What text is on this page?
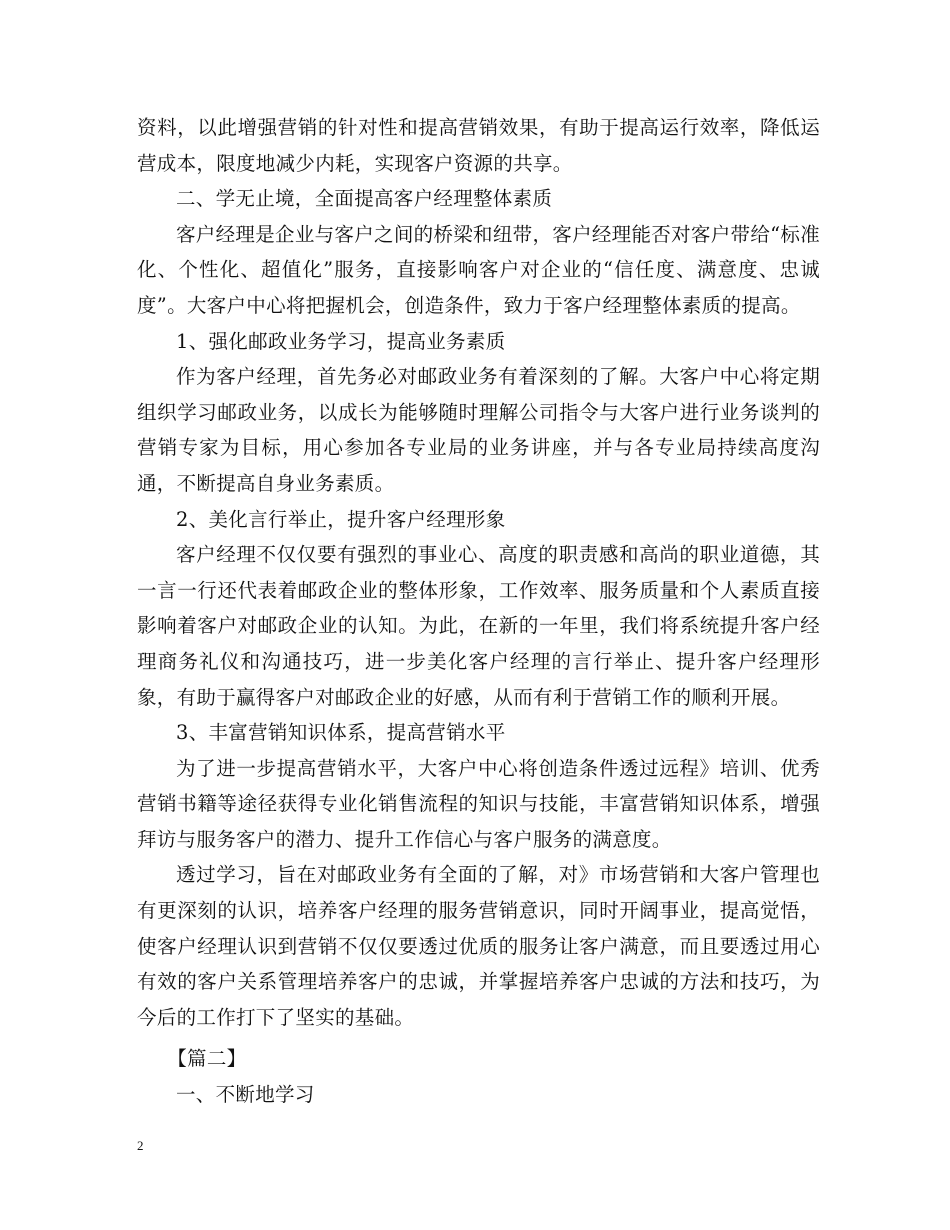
资料，以此增强营销的针对性和提高营销效果，有助于提高运行效率，降低运营成本，限度地减少内耗，实现客户资源的共享。

二、学无止境，全面提高客户经理整体素质

客户经理是企业与客户之间的桥梁和纽带，客户经理能否对客户带给“标准化、个性化、超值化”服务，直接影响客户对企业的“信任度、满意度、忠诚度”。大客户中心将把握机会，创造条件，致力于客户经理整体素质的提高。

1、强化邮政业务学习，提高业务素质

作为客户经理，首先务必对邮政业务有着深刻的了解。大客户中心将定期组织学习邮政业务，以成长为能够随时理解公司指令与大客户进行业务谈判的营销专家为目标，用心参加各专业局的业务讲座，并与各专业局持续高度沟通，不断提高自身业务素质。

2、美化言行举止，提升客户经理形象

客户经理不仅仅要有强烈的事业心、高度的职责感和高尚的职业道德，其一言一行还代表着邮政企业的整体形象，工作效率、服务质量和个人素质直接影响着客户对邮政企业的认知。为此，在新的一年里，我们将系统提升客户经理商务礼仪和沟通技巧，进一步美化客户经理的言行举止、提升客户经理形象，有助于赢得客户对邮政企业的好感，从而有利于营销工作的顺利开展。

3、丰富营销知识体系，提高营销水平

为了进一步提高营销水平，大客户中心将创造条件透过远程》培训、优秀营销书籍等途径获得专业化销售流程的知识与技能，丰富营销知识体系，增强拜访与服务客户的潜力、提升工作信心与客户服务的满意度。

透过学习，旨在对邮政业务有全面的了解，对》市场营销和大客户管理也有更深刻的认识，培养客户经理的服务营销意识，同时开阔事业，提高觉悟，使客户经理认识到营销不仅仅要透过优质的服务让客户满意，而且要透过用心有效的客户关系管理培养客户的忠诚，并掌握培养客户忠诚的方法和技巧，为今后的工作打下了坚实的基础。

【篇二】

一、不断地学习

2
